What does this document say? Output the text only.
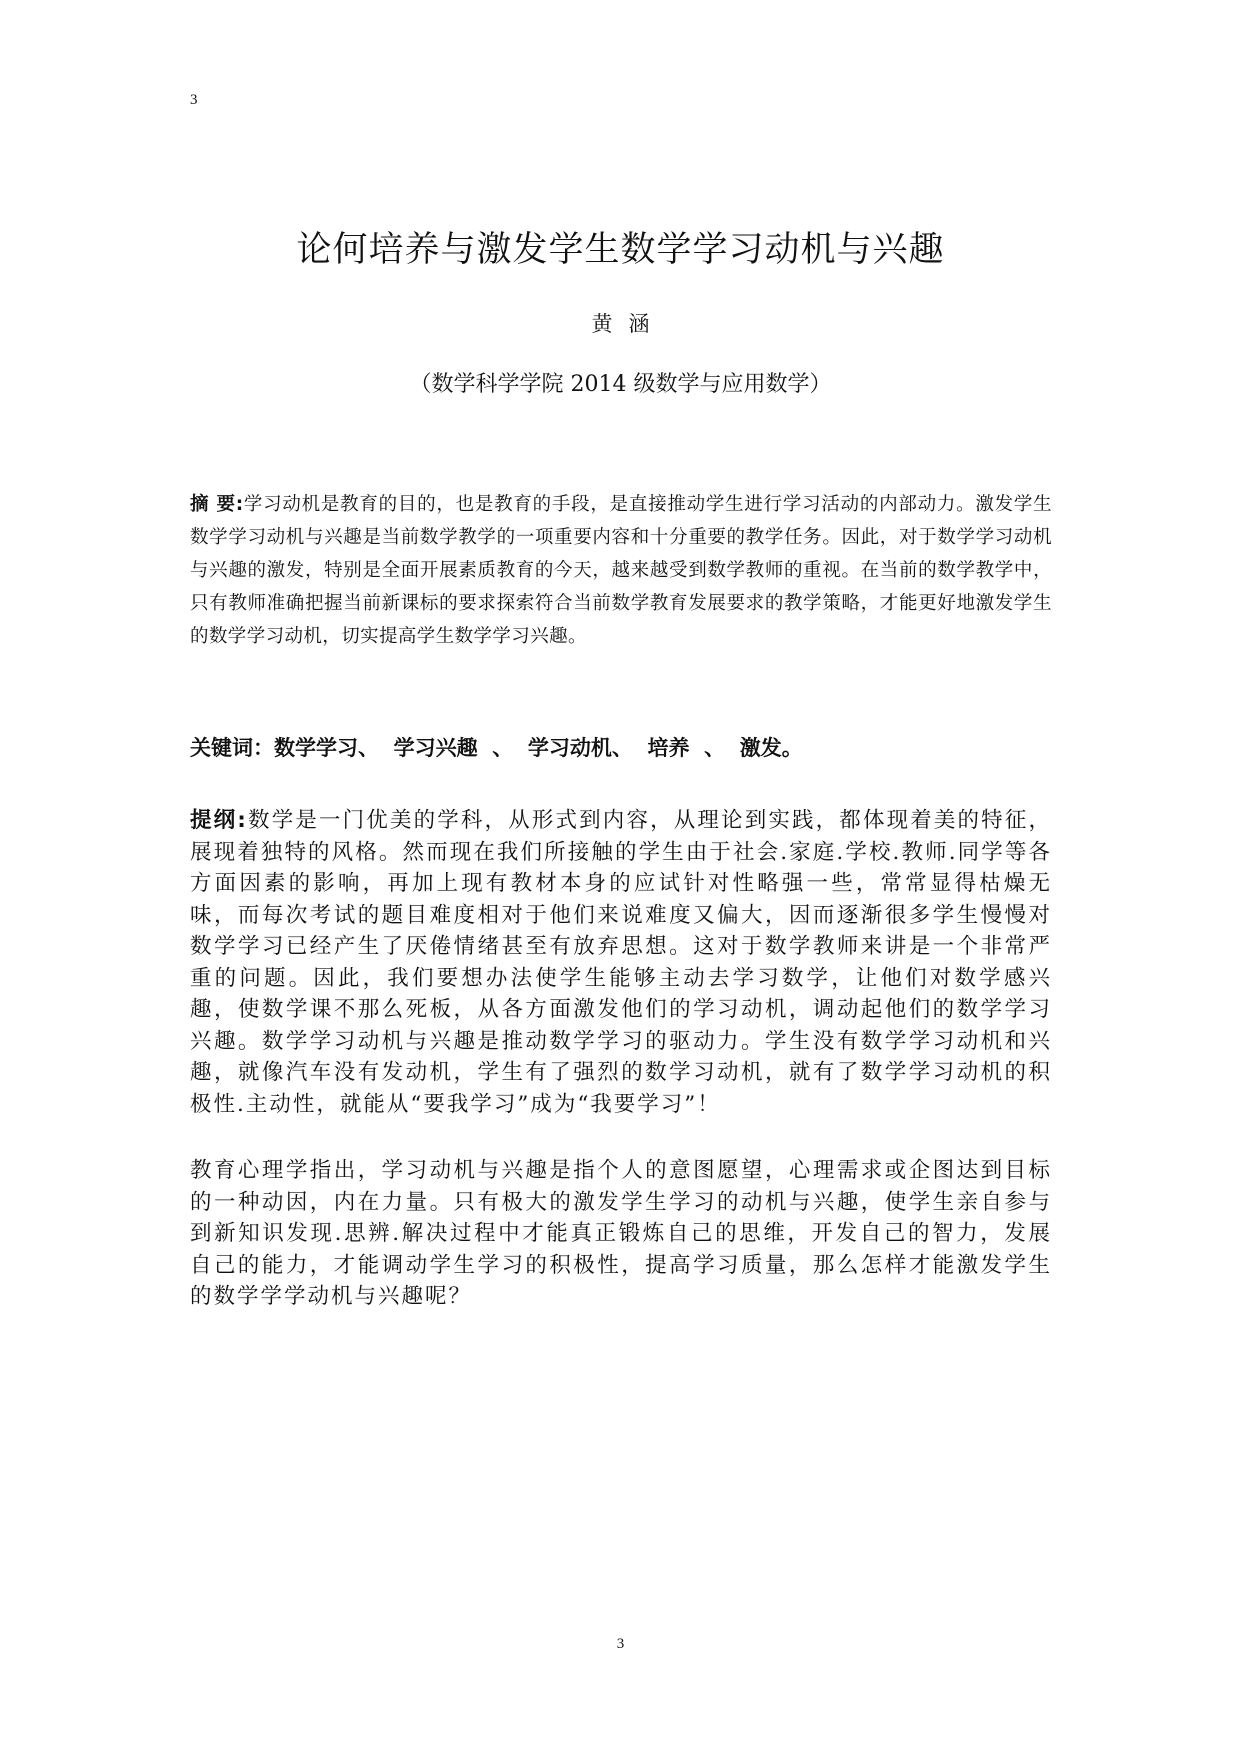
3
论何培养与激发学生数学学习动机与兴趣
黄涵
（数学科学学院 2014 级数学与应用数学）
摘 要:学习动机是教育的目的，也是教育的手段，是直接推动学生进行学习活动的内部动力。激发学生数学学习动机与兴趣是当前数学教学的一项重要内容和十分重要的教学任务。因此，对于数学学习动机与兴趣的激发，特别是全面开展素质教育的今天，越来越受到数学教师的重视。在当前的数学教学中，只有教师准确把握当前新课标的要求探索符合当前数学教育发展要求的教学策略，才能更好地激发学生的数学学习动机，切实提高学生数学学习兴趣。
关键词：数学学习、  学习兴趣  、  学习动机、  培养  、  激发。
提纲:数学是一门优美的学科，从形式到内容，从理论到实践，都体现着美的特征，展现着独特的风格。然而现在我们所接触的学生由于社会.家庭.学校.教师.同学等各方面因素的影响，再加上现有教材本身的应试针对性略强一些，常常显得枯燥无味，而每次考试的题目难度相对于他们来说难度又偏大，因而逐渐很多学生慢慢对数学学习已经产生了厌倦情绪甚至有放弃思想。这对于数学教师来讲是一个非常严重的问题。因此，我们要想办法使学生能够主动去学习数学，让他们对数学感兴趣，使数学课不那么死板，从各方面激发他们的学习动机，调动起他们的数学学习兴趣。数学学习动机与兴趣是推动数学学习的驱动力。学生没有数学学习动机和兴趣，就像汽车没有发动机，学生有了强烈的数学习动机，就有了数学学习动机的积极性.主动性，就能从“要我学习”成为“我要学习”！
教育心理学指出，学习动机与兴趣是指个人的意图愿望，心理需求或企图达到目标的一种动因，内在力量。只有极大的激发学生学习的动机与兴趣，使学生亲自参与到新知识发现.思辨.解决过程中才能真正锻炼自己的思维，开发自己的智力，发展自己的能力，才能调动学生学习的积极性，提高学习质量，那么怎样才能激发学生的数学学学动机与兴趣呢？
3
